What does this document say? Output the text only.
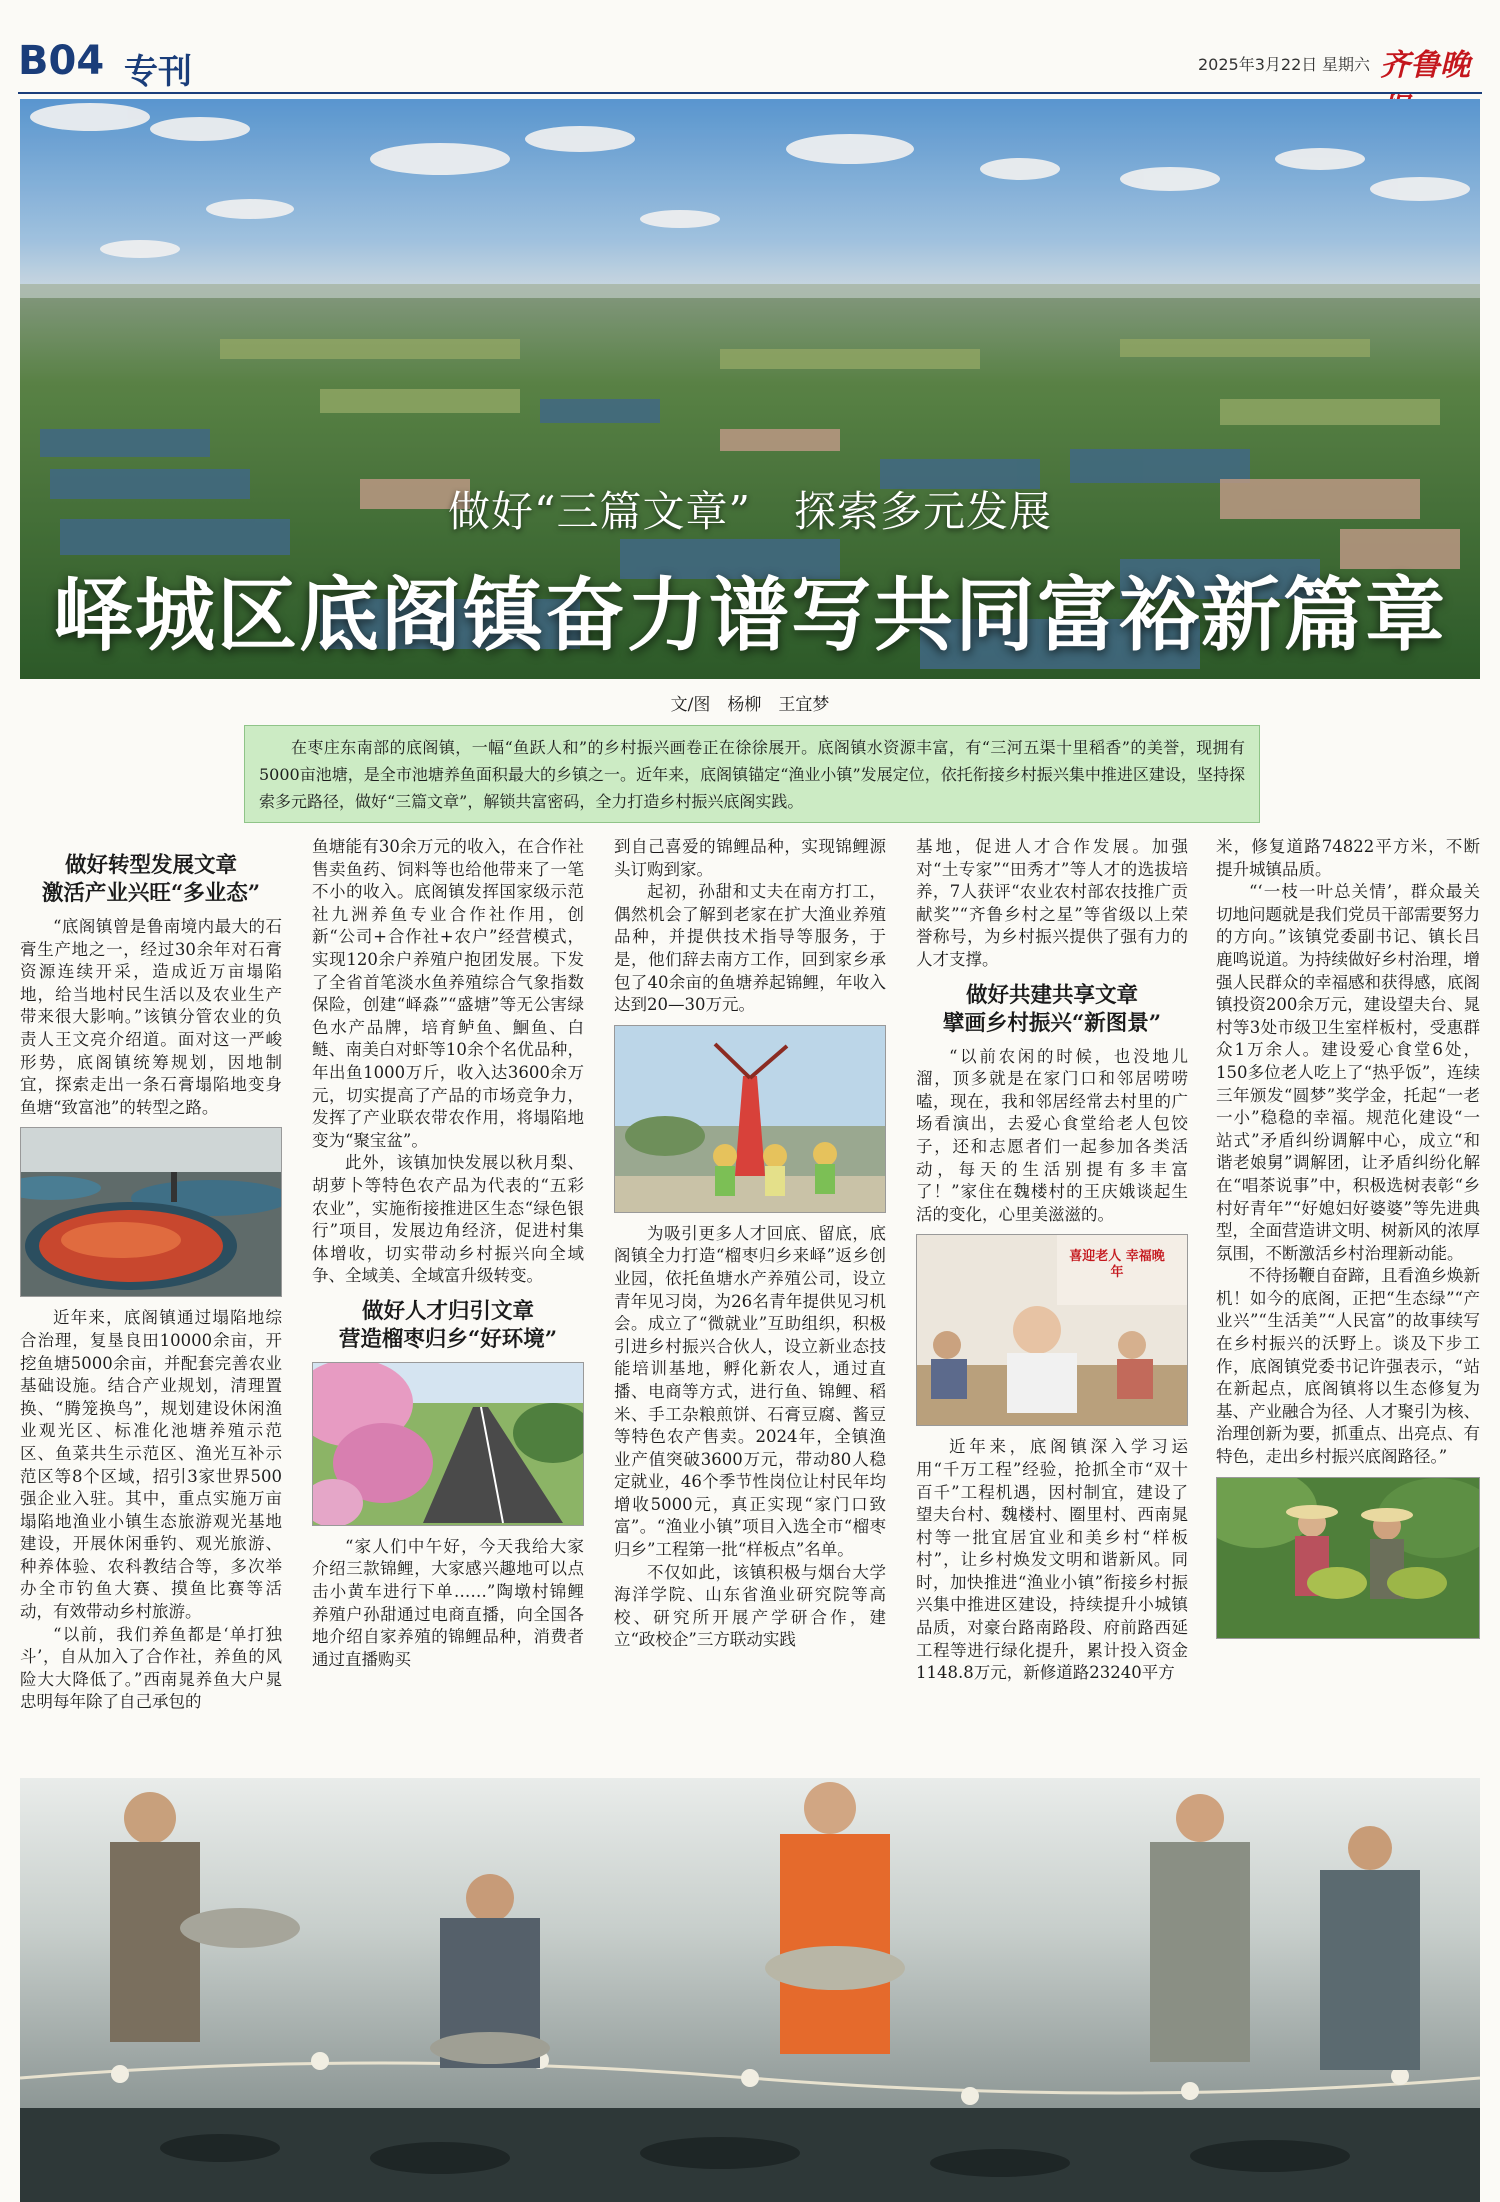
B04 专刊	2025年3月22日 星期六 齐鲁晚
做好“三篇文章”　探索多元发展
峄城区底阁镇奋力谱写共同富裕新篇章
文/图　杨柳　王宜梦
在枣庄东南部的底阁镇，一幅“鱼跃人和”的乡村振兴画卷正在徐徐展开。底阁镇水资源丰富，有“三河五渠十里稻香”的美誉，现拥有5000亩池塘，是全市池塘养鱼面积最大的乡镇之一。近年来，底阁镇锚定“渔业小镇”发展定位，依托衔接乡村振兴集中推进区建设，坚持探索多元路径，做好“三篇文章”，解锁共富密码，全力打造乡村振兴底阁实践。
做好转型发展文章
激活产业兴旺“多业态”

“底阁镇曾是鲁南境内最大的石膏生产地之一，经过30余年对石膏资源连续开采，造成近万亩塌陷地，给当地村民生活以及农业生产带来很大影响。”该镇分管农业的负责人王文亮介绍道。面对这一严峻形势，底阁镇统筹规划，因地制宜，探索走出一条石膏塌陷地变身鱼塘“致富池”的转型之路。

近年来，底阁镇通过塌陷地综合治理，复垦良田10000余亩，开挖鱼塘5000余亩，并配套完善农业基础设施。结合产业规划，清理置换、“腾笼换鸟”，规划建设休闲渔业观光区、标准化池塘养殖示范区、鱼菜共生示范区、渔光互补示范区等8个区域，招引3家世界500强企业入驻。其中，重点实施万亩塌陷地渔业小镇生态旅游观光基地建设，开展休闲垂钓、观光旅游、种养体验、农科教结合等，多次举办全市钓鱼大赛、摸鱼比赛等活动，有效带动乡村旅游。

“以前，我们养鱼都是‘单打独斗’，自从加入了合作社，养鱼的风险大大降低了。”西南晁养鱼大户晁忠明每年除了自己承包的

鱼塘能有30余万元的收入，在合作社售卖鱼药、饲料等也给他带来了一笔不小的收入。底阁镇发挥国家级示范社九洲养鱼专业合作社作用，创新“公司+合作社+农户”经营模式，实现120余户养殖户抱团发展。下发了全省首笔淡水鱼养殖综合气象指数保险，创建“峄淼”“盛塘”等无公害绿色水产品牌，培育鲈鱼、鮰鱼、白鲢、南美白对虾等10余个名优品种，年出鱼1000万斤，收入达3600余万元，切实提高了产品的市场竞争力，发挥了产业联农带农作用，将塌陷地变为“聚宝盆”。

此外，该镇加快发展以秋月梨、胡萝卜等特色农产品为代表的“五彩农业”，实施衔接推进区生态“绿色银行”项目，发展边角经济，促进村集体增收，切实带动乡村振兴向全域争、全域美、全域富升级转变。

做好人才归引文章
营造榴枣归乡“好环境”

“家人们中午好，今天我给大家介绍三款锦鲤，大家感兴趣地可以点击小黄车进行下单……”陶墩村锦鲤养殖户孙甜通过电商直播，向全国各地介绍自家养殖的锦鲤品种，消费者通过直播购买

到自己喜爱的锦鲤品种，实现锦鲤源头订购到家。

起初，孙甜和丈夫在南方打工，偶然机会了解到老家在扩大渔业养殖品种，并提供技术指导等服务，于是，他们辞去南方工作，回到家乡承包了40余亩的鱼塘养起锦鲤，年收入达到20—30万元。

为吸引更多人才回底、留底，底阁镇全力打造“榴枣归乡来峄”返乡创业园，依托鱼塘水产养殖公司，设立青年见习岗，为26名青年提供见习机会。成立了“微就业”互助组织，积极引进乡村振兴合伙人，设立新业态技能培训基地，孵化新农人，通过直播、电商等方式，进行鱼、锦鲤、稻米、手工杂粮煎饼、石膏豆腐、酱豆等特色农产售卖。2024年，全镇渔业产值突破3600万元，带动80人稳定就业，46个季节性岗位让村民年均增收5000元，真正实现“家门口致富”。“渔业小镇”项目入选全市“榴枣归乡”工程第一批“样板点”名单。

不仅如此，该镇积极与烟台大学海洋学院、山东省渔业研究院等高校、研究所开展产学研合作，建立“政校企”三方联动实践

基地，促进人才合作发展。加强对“土专家”“田秀才”等人才的选拔培养，7人获评“农业农村部农技推广贡献奖”“齐鲁乡村之星”等省级以上荣誉称号，为乡村振兴提供了强有力的人才支撑。

做好共建共享文章
擘画乡村振兴“新图景”

“以前农闲的时候，也没地儿溜，顶多就是在家门口和邻居唠唠嗑，现在，我和邻居经常去村里的广场看演出，去爱心食堂给老人包饺子，还和志愿者们一起参加各类活动，每天的生活别提有多丰富了！”家住在魏楼村的王庆娥谈起生活的变化，心里美滋滋的。

喜迎老人 幸福晚年

近年来，底阁镇深入学习运用“千万工程”经验，抢抓全市“双十百千”工程机遇，因村制宜，建设了望夫台村、魏楼村、圈里村、西南晁村等一批宜居宜业和美乡村“样板村”，让乡村焕发文明和谐新风。同时，加快推进“渔业小镇”衔接乡村振兴集中推进区建设，持续提升小城镇品质，对豪台路南路段、府前路西延工程等进行绿化提升，累计投入资金1148.8万元，新修道路23240平方

米，修复道路74822平方米，不断提升城镇品质。

“‘一枝一叶总关情’，群众最关切地问题就是我们党员干部需要努力的方向。”该镇党委副书记、镇长吕鹿鸣说道。为持续做好乡村治理，增强人民群众的幸福感和获得感，底阁镇投资200余万元，建设望夫台、晁村等3处市级卫生室样板村，受惠群众1万余人。建设爱心食堂6处，150多位老人吃上了“热乎饭”，连续三年颁发“圆梦”奖学金，托起“一老一小”稳稳的幸福。规范化建设“一站式”矛盾纠纷调解中心，成立“和谐老娘舅”调解团，让矛盾纠纷化解在“唱茶说事”中，积极选树表彰“乡村好青年”“好媳妇好婆婆”等先进典型，全面营造讲文明、树新风的浓厚氛围，不断激活乡村治理新动能。

不待扬鞭自奋蹄，且看渔乡焕新机！如今的底阁，正把“生态绿”“产业兴”“生活美”“人民富”的故事续写在乡村振兴的沃野上。谈及下步工作，底阁镇党委书记许强表示，“站在新起点，底阁镇将以生态修复为基、产业融合为径、人才聚引为核、治理创新为要，抓重点、出亮点、有特色，走出乡村振兴底阁路径。”
